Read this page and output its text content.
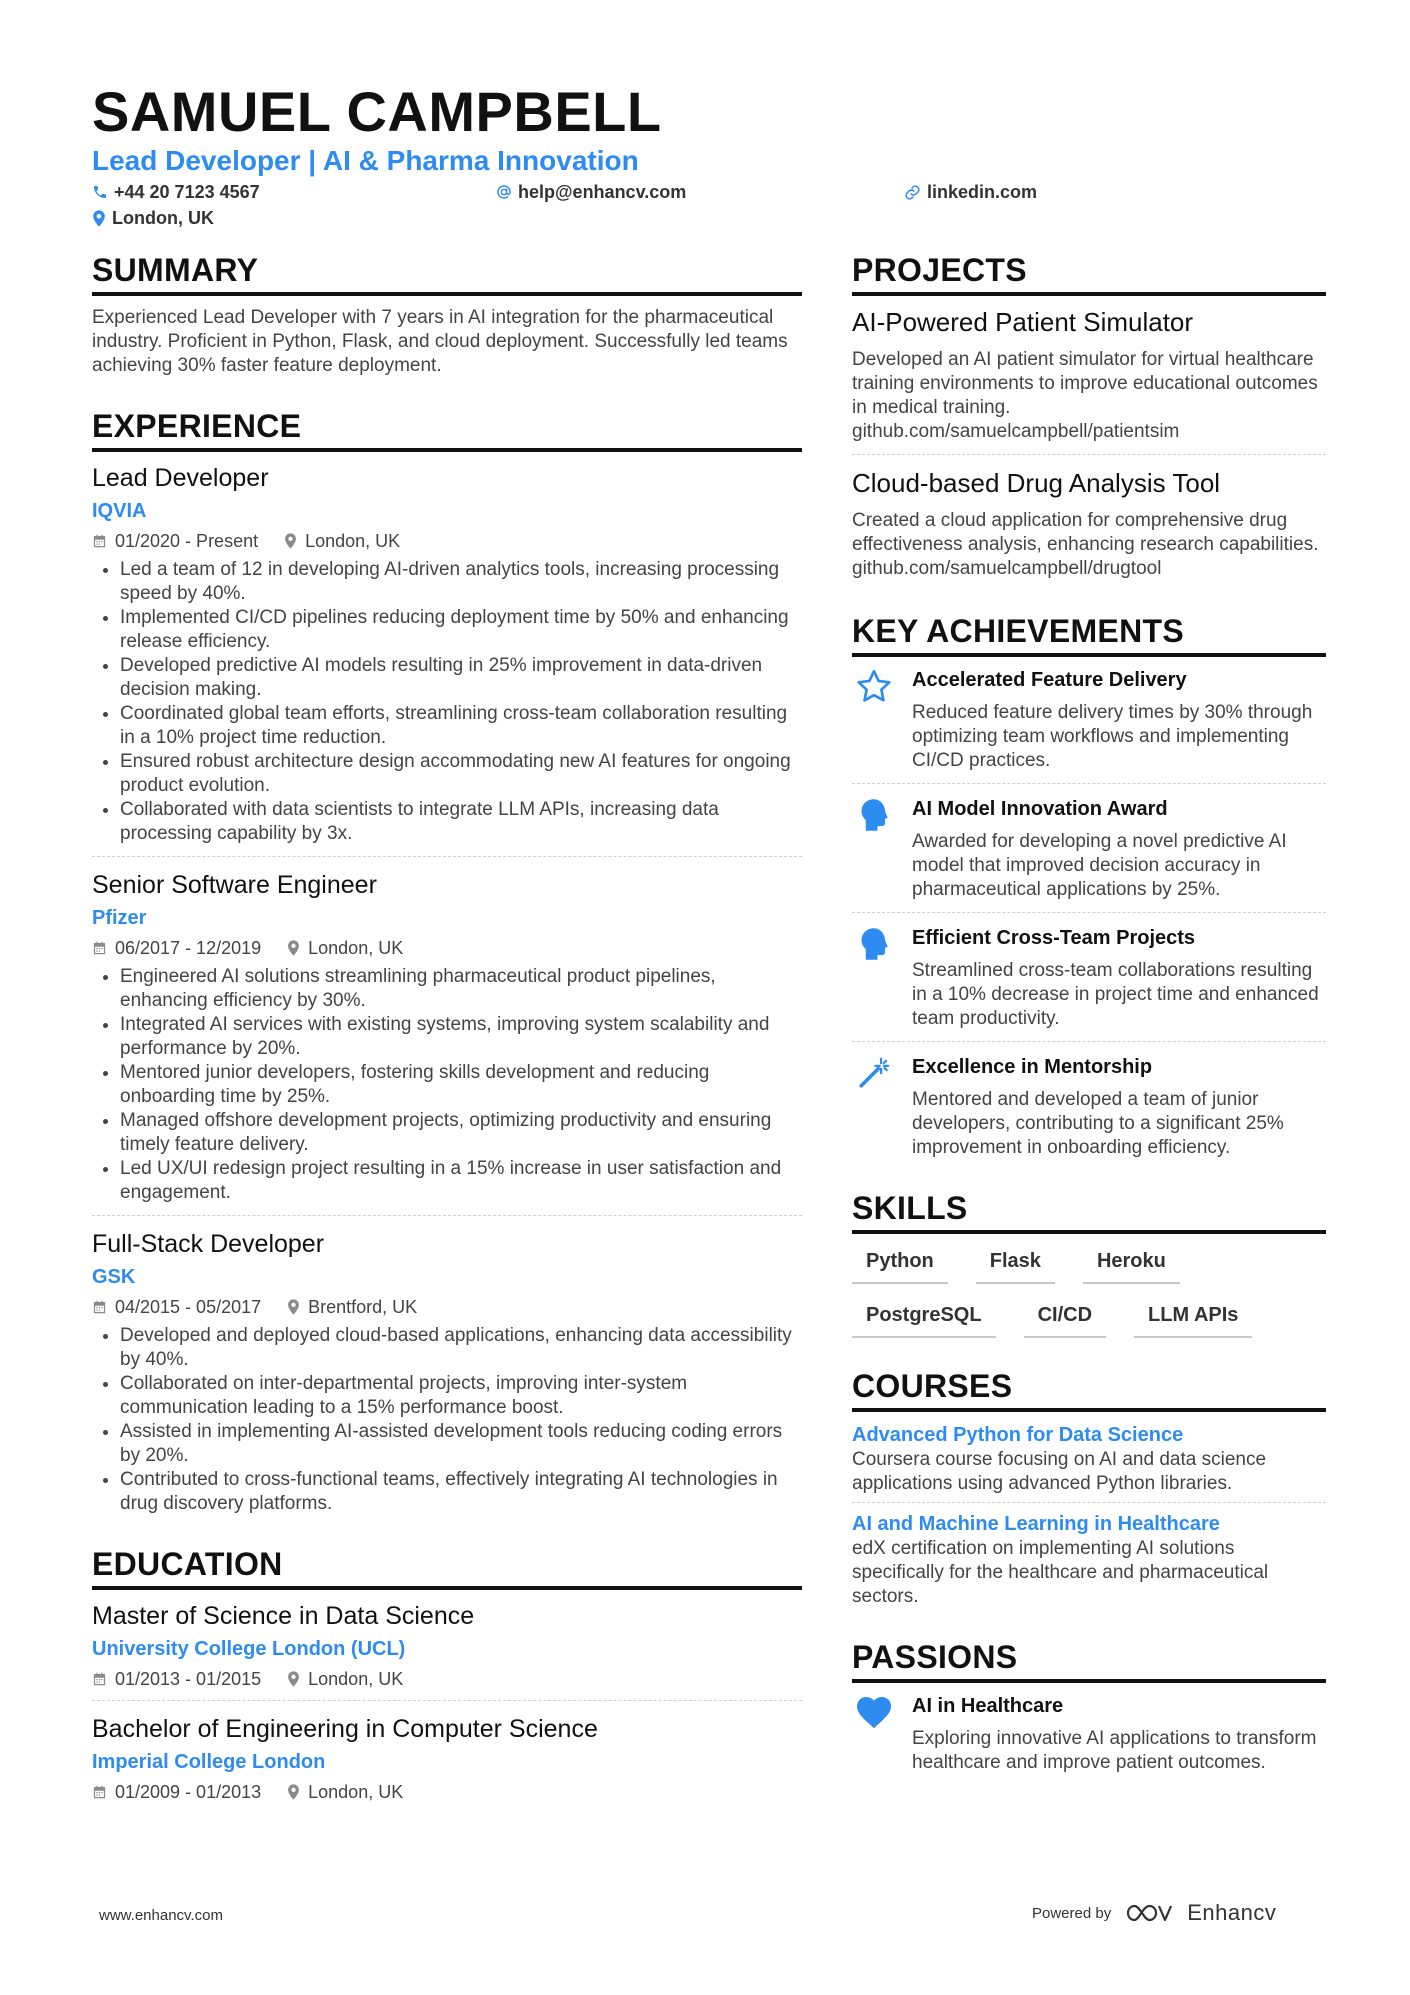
SAMUEL CAMPBELL
Lead Developer | AI & Pharma Innovation
+44 20 7123 4567	help@enhancv.com	linkedin.com
London, UK
SUMMARY
Experienced Lead Developer with 7 years in AI integration for the pharmaceutical industry. Proficient in Python, Flask, and cloud deployment. Successfully led teams achieving 30% faster feature deployment.
EXPERIENCE
Lead Developer
IQVIA
01/2020 - Present	London, UK
• Led a team of 12 in developing AI-driven analytics tools, increasing processing speed by 40%.
• Implemented CI/CD pipelines reducing deployment time by 50% and enhancing release efficiency.
• Developed predictive AI models resulting in 25% improvement in data-driven decision making.
• Coordinated global team efforts, streamlining cross-team collaboration resulting in a 10% project time reduction.
• Ensured robust architecture design accommodating new AI features for ongoing product evolution.
• Collaborated with data scientists to integrate LLM APIs, increasing data processing capability by 3x.
Senior Software Engineer
Pfizer
06/2017 - 12/2019	London, UK
• Engineered AI solutions streamlining pharmaceutical product pipelines, enhancing efficiency by 30%.
• Integrated AI services with existing systems, improving system scalability and performance by 20%.
• Mentored junior developers, fostering skills development and reducing onboarding time by 25%.
• Managed offshore development projects, optimizing productivity and ensuring timely feature delivery.
• Led UX/UI redesign project resulting in a 15% increase in user satisfaction and engagement.
Full-Stack Developer
GSK
04/2015 - 05/2017	Brentford, UK
• Developed and deployed cloud-based applications, enhancing data accessibility by 40%.
• Collaborated on inter-departmental projects, improving inter-system communication leading to a 15% performance boost.
• Assisted in implementing AI-assisted development tools reducing coding errors by 20%.
• Contributed to cross-functional teams, effectively integrating AI technologies in drug discovery platforms.
EDUCATION
Master of Science in Data Science
University College London (UCL)
01/2013 - 01/2015	London, UK
Bachelor of Engineering in Computer Science
Imperial College London
01/2009 - 01/2013	London, UK
PROJECTS
AI-Powered Patient Simulator
Developed an AI patient simulator for virtual healthcare training environments to improve educational outcomes in medical training. github.com/samuelcampbell/patientsim
Cloud-based Drug Analysis Tool
Created a cloud application for comprehensive drug effectiveness analysis, enhancing research capabilities. github.com/samuelcampbell/drugtool
KEY ACHIEVEMENTS
Accelerated Feature Delivery
Reduced feature delivery times by 30% through optimizing team workflows and implementing CI/CD practices.
AI Model Innovation Award
Awarded for developing a novel predictive AI model that improved decision accuracy in pharmaceutical applications by 25%.
Efficient Cross-Team Projects
Streamlined cross-team collaborations resulting in a 10% decrease in project time and enhanced team productivity.
Excellence in Mentorship
Mentored and developed a team of junior developers, contributing to a significant 25% improvement in onboarding efficiency.
SKILLS
Python	Flask	Heroku
PostgreSQL	CI/CD	LLM APIs
COURSES
Advanced Python for Data Science
Coursera course focusing on AI and data science applications using advanced Python libraries.
AI and Machine Learning in Healthcare
edX certification on implementing AI solutions specifically for the healthcare and pharmaceutical sectors.
PASSIONS
AI in Healthcare
Exploring innovative AI applications to transform healthcare and improve patient outcomes.
www.enhancv.com	Powered by	Enhancv
